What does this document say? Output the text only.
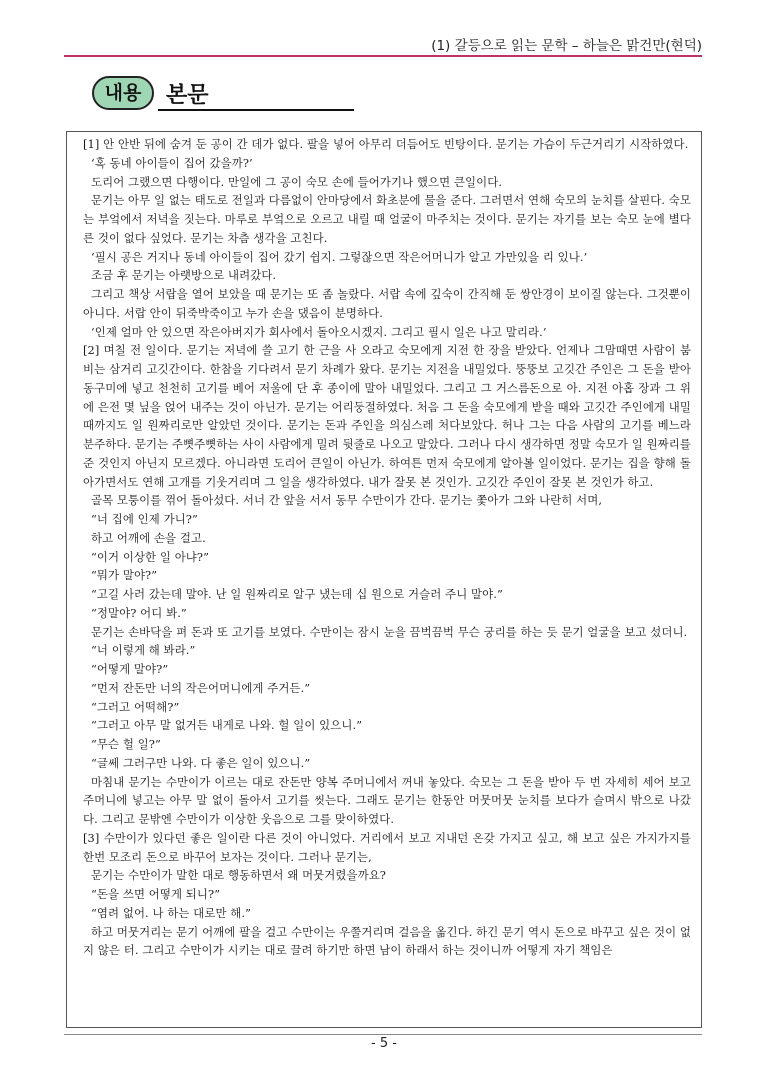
(1) 갈등으로 읽는 문학 – 하늘은 맑건만(현덕)
내용	본문

[1] 안 안반 뒤에 숨겨 둔 공이 간 데가 없다. 팔을 넣어 아무리 더듬어도 빈탕이다. 문기는 가슴이 두근거리기 시작하였다.

‘혹 동네 아이들이 집어 갔을까?’

도리어 그랬으면 다행이다. 만일에 그 공이 숙모 손에 들어가기나 했으면 큰일이다.

문기는 아무 일 없는 태도로 전일과 다름없이 안마당에서 화초분에 물을 준다. 그러면서 연해 숙모의 눈치를 살핀다. 숙모는 부엌에서 저녁을 짓는다. 마루로 부엌으로 오르고 내릴 때 얼굴이 마주치는 것이다. 문기는 자기를 보는 숙모 눈에 별다른 것이 없다 싶었다. 문기는 차츰 생각을 고친다.

‘필시 공은 거지나 동네 아이들이 집어 갔기 쉽지. 그렇잖으면 작은어머니가 알고 가만있을 리 있나.’

조금 후 문기는 아랫방으로 내려갔다.

그리고 책상 서랍을 열어 보았을 때 문기는 또 좀 놀랐다. 서랍 속에 깊숙이 간직해 둔 쌍안경이 보이질 않는다. 그것뿐이 아니다. 서랍 안이 뒤죽박죽이고 누가 손을 댔음이 분명하다.

‘인제 얼마 안 있으면 작은아버지가 회사에서 돌아오시겠지. 그리고 필시 일은 나고 말리라.’

[2] 며칠 전 일이다. 문기는 저녁에 쓸 고기 한 근을 사 오라고 숙모에게 지전 한 장을 받았다. 언제나 그맘때면 사람이 붐비는 삼거리 고깃간이다. 한참을 기다려서 문기 차례가 왔다. 문기는 지전을 내밀었다. 뚱뚱보 고깃간 주인은 그 돈을 받아 동구미에 넣고 천천히 고기를 베어 저울에 단 후 종이에 말아 내밀었다. 그리고 그 거스름돈으로 아. 지전 아홉 장과 그 위에 은전 몇 닢을 얹어 내주는 것이 아닌가. 문기는 어리둥절하였다. 처음 그 돈을 숙모에게 받을 때와 고깃간 주인에게 내밀 때까지도 일 원짜리로만 알았던 것이다. 문기는 돈과 주인을 의심스레 처다보았다. 허나 그는 다음 사람의 고기를 베느라 분주하다. 문기는 주뼛주뼛하는 사이 사람에게 밀려 뒷줄로 나오고 말았다. 그러나 다시 생각하면 정말 숙모가 일 원짜리를 준 것인지 아닌지 모르겠다. 아니라면 도리어 큰일이 아닌가. 하여튼 먼저 숙모에게 알아볼 일이었다. 문기는 집을 향해 돌아가면서도 연해 고개를 기웃거리며 그 일을 생각하였다. 내가 잘못 본 것인가. 고깃간 주인이 잘못 본 것인가 하고.

골목 모퉁이를 꺾어 돌아섰다. 서너 간 앞을 서서 동무 수만이가 간다. 문기는 쫓아가 그와 나란히 서며,

“너 집에 인제 가니?”

하고 어깨에 손을 걸고.

“이거 이상한 일 아냐?”

“뭐가 말야?”

“고길 사러 갔는데 말야. 난 일 원짜리로 알구 냈는데 십 원으로 거슬러 주니 말야.”

“정말야? 어디 봐.”

문기는 손바닥을 펴 돈과 또 고기를 보였다. 수만이는 잠시 눈을 끔벅끔벅 무슨 궁리를 하는 듯 문기 얼굴을 보고 섰더니.

“너 이렇게 해 봐라.”

“어떻게 말야?”

“먼저 잔돈만 너의 작은어머니에게 주거든.”

“그러고 어떡해?”

“그러고 아무 말 없거든 내게로 나와. 헐 일이 있으니.”

“무슨 헐 일?”

“글쎄 그러구만 나와. 다 좋은 일이 있으니.”

마침내 문기는 수만이가 이르는 대로 잔돈만 양복 주머니에서 꺼내 놓았다. 숙모는 그 돈을 받아 두 번 자세히 세어 보고 주머니에 넣고는 아무 말 없이 돌아서 고기를 씻는다. 그래도 문기는 한동안 머뭇머뭇 눈치를 보다가 슬며시 밖으로 나갔다. 그리고 문밖엔 수만이가 이상한 웃음으로 그를 맞이하였다.

[3] 수만이가 있다던 좋은 일이란 다른 것이 아니었다. 거리에서 보고 지내던 온갖 가지고 싶고, 해 보고 싶은 가지가지를 한번 모조리 돈으로 바꾸어 보자는 것이다. 그러나 문기는,

문기는 수만이가 말한 대로 행동하면서 왜 머뭇거렸을까요?

“돈을 쓰면 어떻게 되니?”

“염려 없어. 나 하는 대로만 해.”

하고 머뭇거리는 문기 어깨에 팔을 걸고 수만이는 우쭐거리며 걸음을 옮긴다. 하긴 문기 역시 돈으로 바꾸고 싶은 것이 없지 않은 터. 그리고 수만이가 시키는 대로 끌려 하기만 하면 남이 하래서 하는 것이니까 어떻게 자기 책임은

- 5 -
